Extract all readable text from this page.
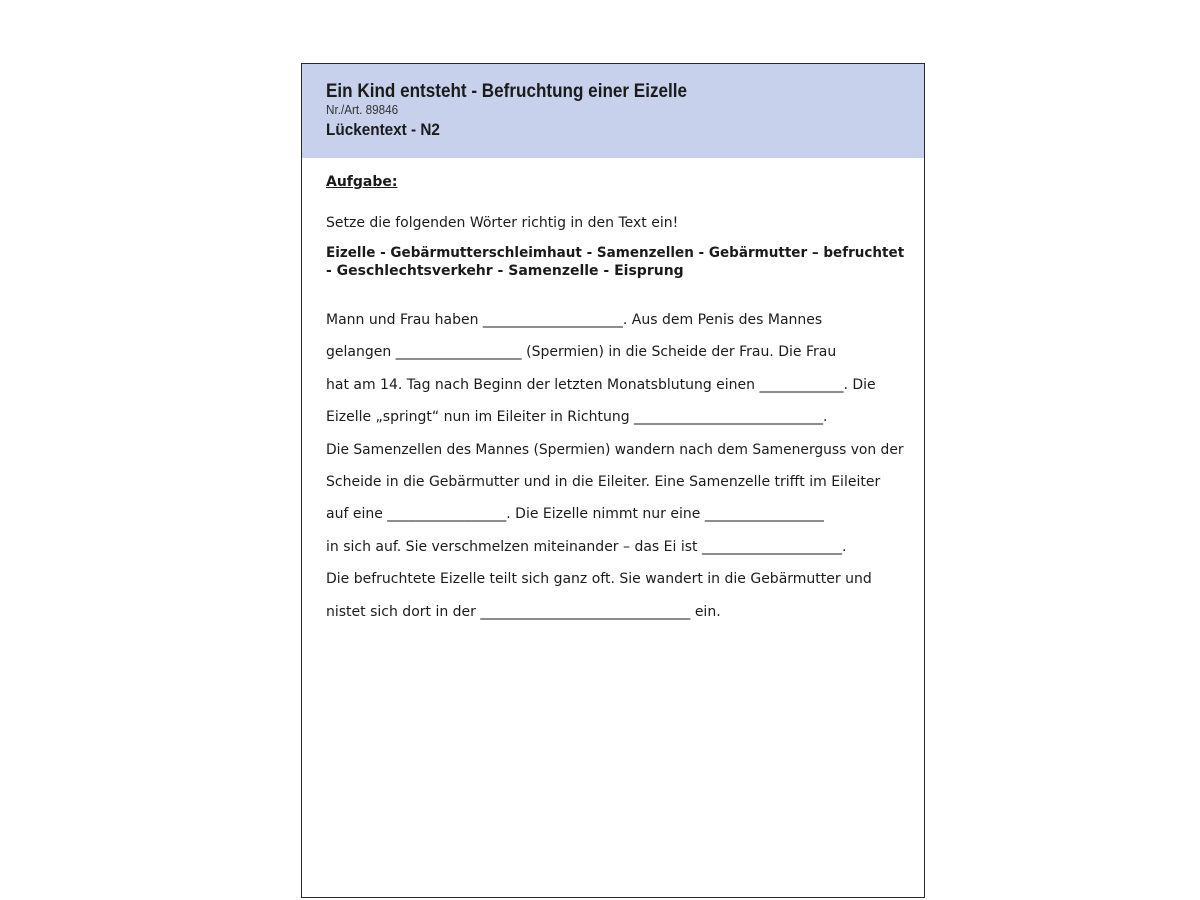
Ein Kind entsteht - Befruchtung einer Eizelle
Nr./Art. 89846
Lückentext - N2

Aufgabe:

Setze die folgenden Wörter richtig in den Text ein!

Eizelle - Gebärmutterschleimhaut - Samenzellen - Gebärmutter – befruchtet
- Geschlechtsverkehr - Samenzelle - Eisprung

Mann und Frau haben ____________________. Aus dem Penis des Mannes

gelangen __________________ (Spermien) in die Scheide der Frau. Die Frau

hat am 14. Tag nach Beginn der letzten Monatsblutung einen ____________. Die

Eizelle „springt“ nun im Eileiter in Richtung ___________________________.

Die Samenzellen des Mannes (Spermien) wandern nach dem Samenerguss von der

Scheide in die Gebärmutter und in die Eileiter. Eine Samenzelle trifft im Eileiter

auf eine _________________. Die Eizelle nimmt nur eine _________________

in sich auf. Sie verschmelzen miteinander – das Ei ist ____________________.

Die befruchtete Eizelle teilt sich ganz oft. Sie wandert in die Gebärmutter und

nistet sich dort in der ______________________________ ein.
